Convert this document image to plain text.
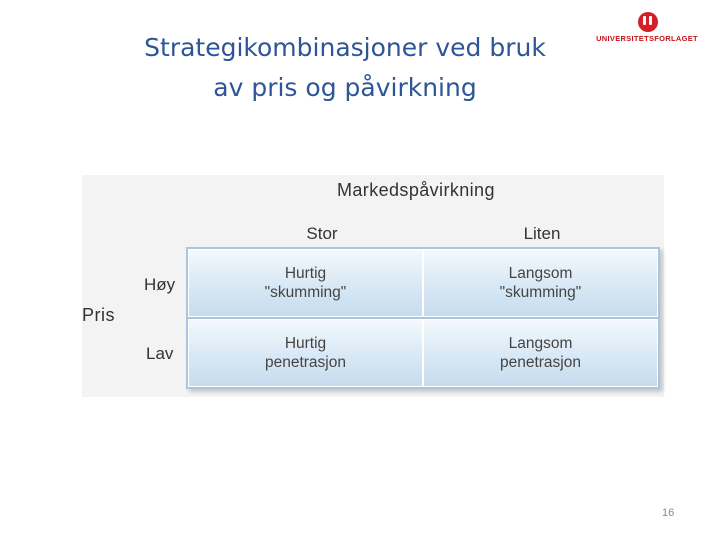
Strategikombinasjoner ved bruk
av pris og påvirkning
UNIVERSITETSFORLAGET
Markedspåvirkning
Stor	Liten
Pris
Høy
Lav
Hurtig
"skumming"
Langsom
"skumming"
Hurtig
penetrasjon
Langsom
penetrasjon
16
